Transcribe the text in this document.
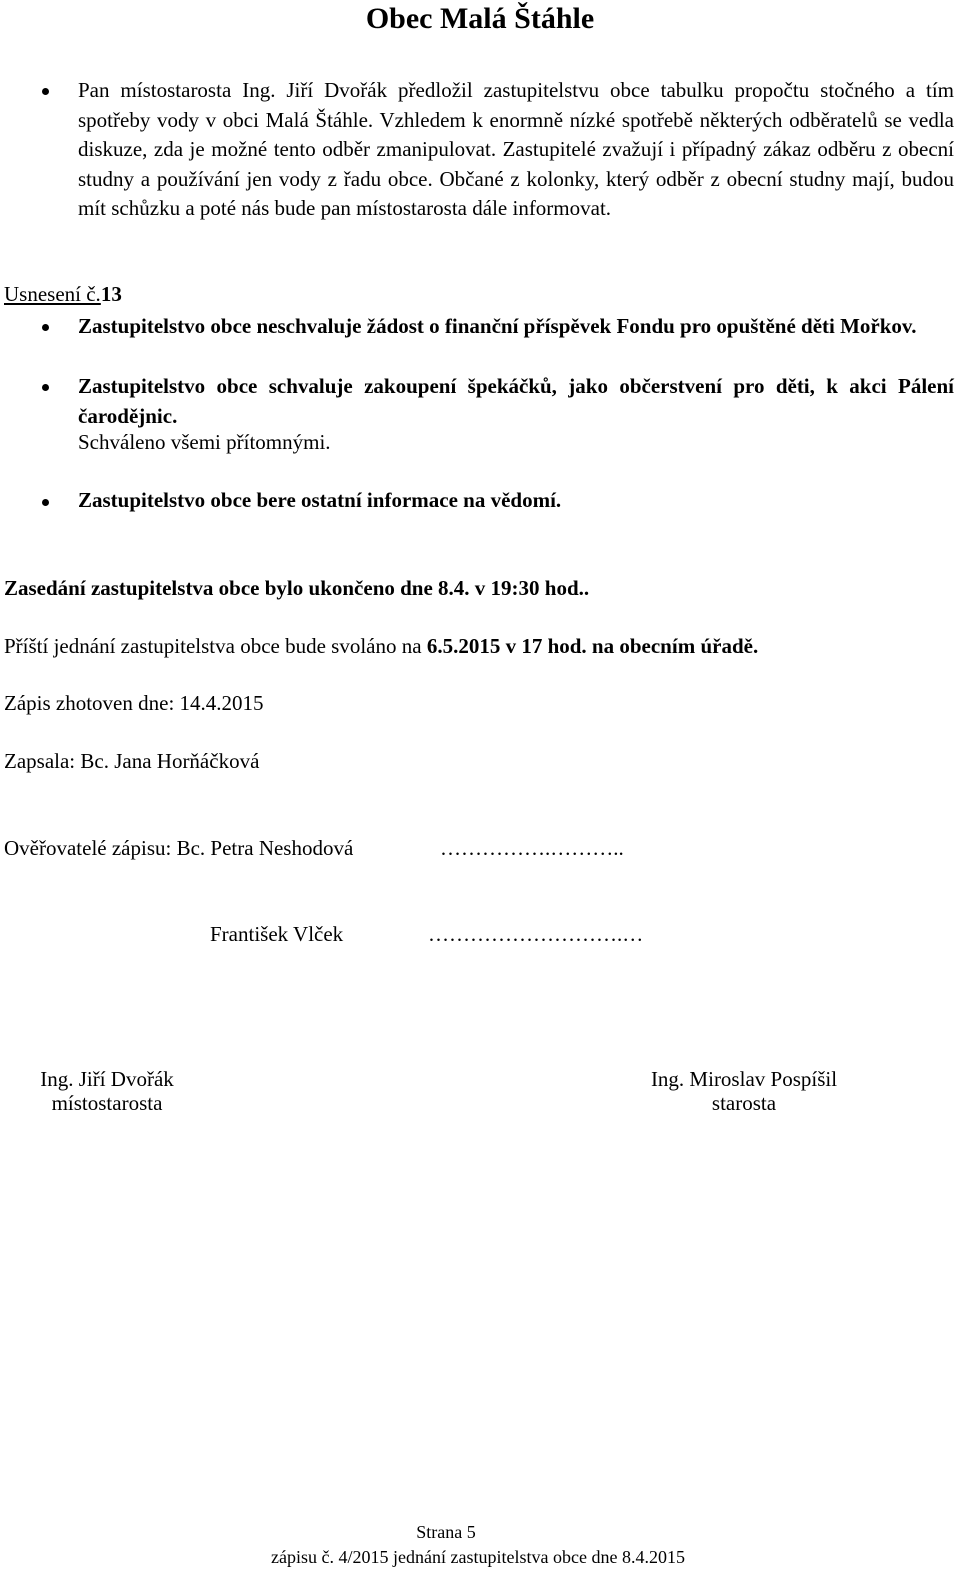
Obec Malá Štáhle
Pan místostarosta Ing. Jiří Dvořák předložil zastupitelstvu obce tabulku propočtu stočného a tím spotřeby vody v obci Malá Štáhle. Vzhledem k enormně nízké spotřebě některých odběratelů se vedla diskuze, zda je možné tento odběr zmanipulovat. Zastupitelé zvažují i případný zákaz odběru z obecní studny a používání jen vody z řadu obce. Občané z kolonky, který odběr z obecní studny mají, budou mít schůzku a poté nás bude pan místostarosta dále informovat.
Usnesení č.13
Zastupitelstvo obce neschvaluje žádost o finanční příspěvek Fondu pro opuštěné děti Mořkov.
Zastupitelstvo obce schvaluje zakoupení špekáčků, jako občerstvení pro děti, k akci Pálení čarodějnic.
Schváleno všemi přítomnými.
Zastupitelstvo obce bere ostatní informace na vědomí.
Zasedání zastupitelstva obce bylo ukončeno dne 8.4. v 19:30 hod..
Příští jednání zastupitelstva obce bude svoláno na 6.5.2015 v 17 hod. na obecním úřadě.
Zápis zhotoven dne: 14.4.2015
Zapsala: Bc. Jana Horňáčková
Ověřovatelé zápisu: Bc. Petra Neshodová	…………….………..
František Vlček	……………………….…
Ing. Jiří Dvořák
místostarosta
Ing. Miroslav Pospíšil
starosta
Strana 5
zápisu č. 4/2015 jednání zastupitelstva obce dne 8.4.2015
